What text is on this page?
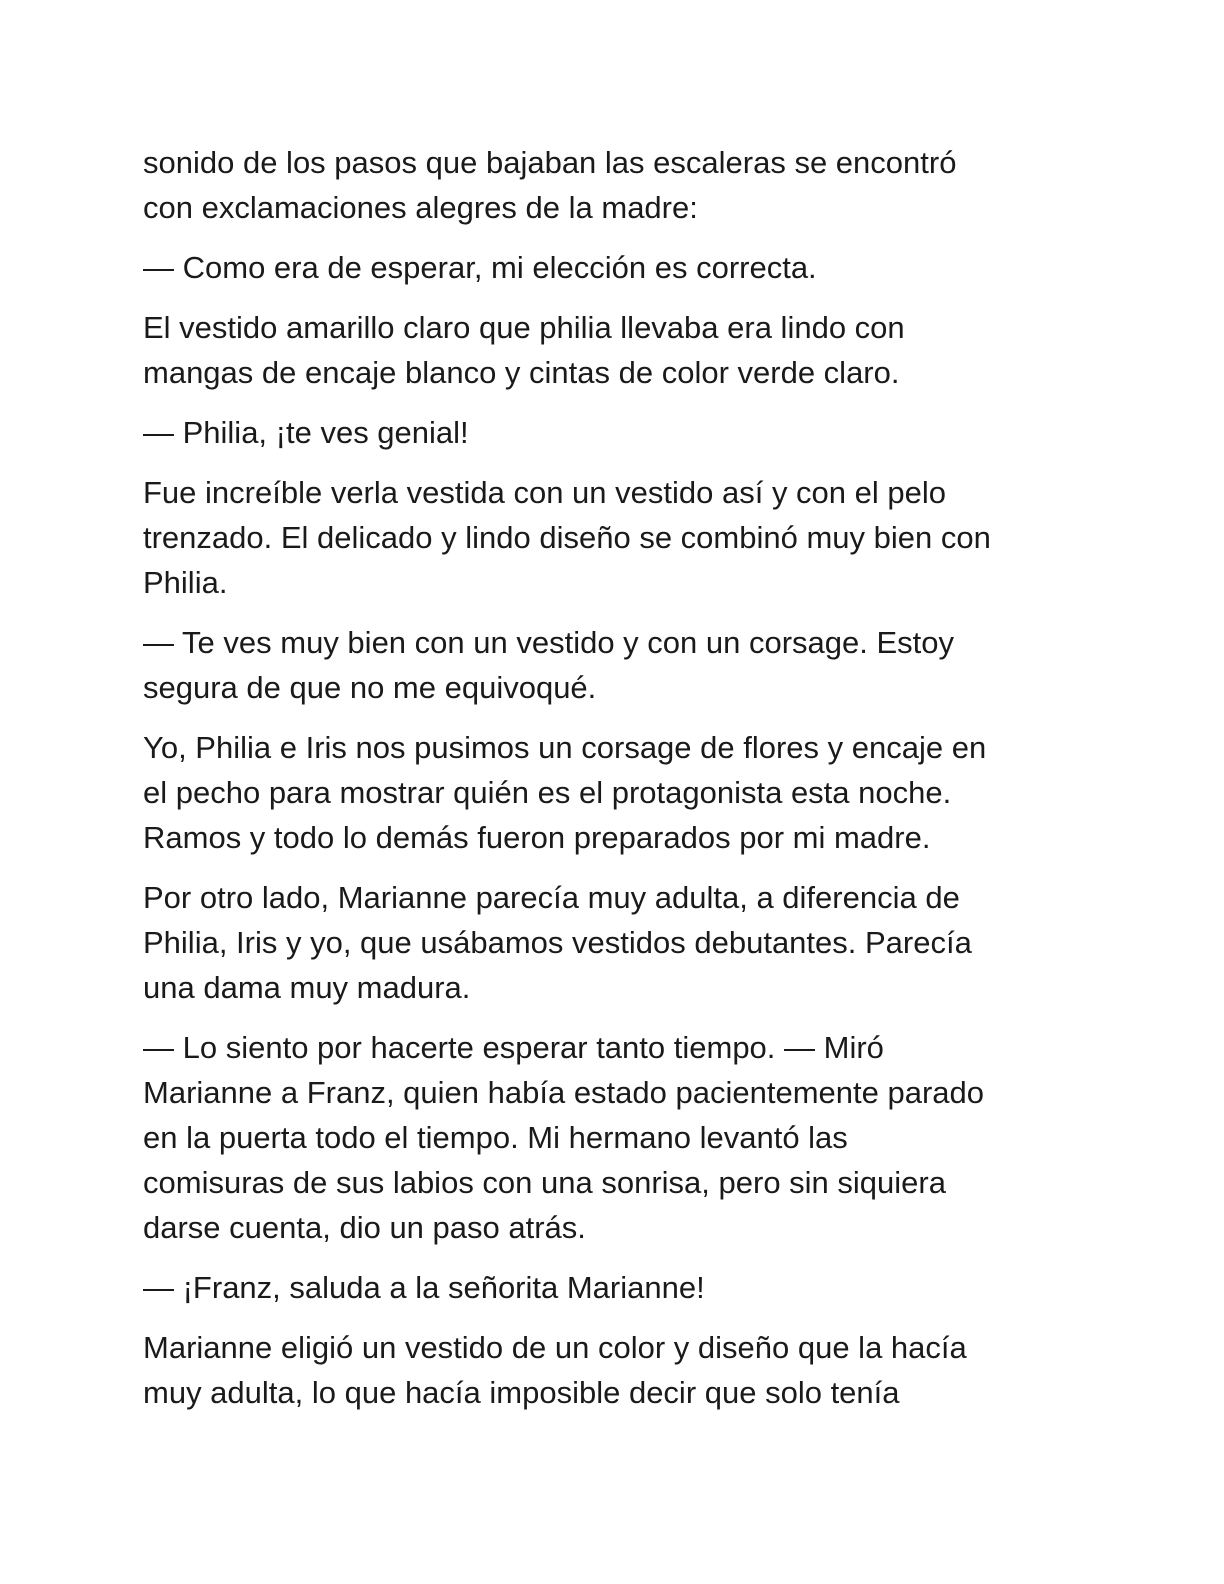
sonido de los pasos que bajaban las escaleras se encontró
con exclamaciones alegres de la madre:

— Como era de esperar, mi elección es correcta.

El vestido amarillo claro que philia llevaba era lindo con
mangas de encaje blanco y cintas de color verde claro.

— Philia, ¡te ves genial!

Fue increíble verla vestida con un vestido así y con el pelo
trenzado. El delicado y lindo diseño se combinó muy bien con
Philia.

— Te ves muy bien con un vestido y con un corsage. Estoy
segura de que no me equivoqué.

Yo, Philia e Iris nos pusimos un corsage de flores y encaje en
el pecho para mostrar quién es el protagonista esta noche.
Ramos y todo lo demás fueron preparados por mi madre.

Por otro lado, Marianne parecía muy adulta, a diferencia de
Philia, Iris y yo, que usábamos vestidos debutantes. Parecía
una dama muy madura.

— Lo siento por hacerte esperar tanto tiempo. — Miró
Marianne a Franz, quien había estado pacientemente parado
en la puerta todo el tiempo. Mi hermano levantó las
comisuras de sus labios con una sonrisa, pero sin siquiera
darse cuenta, dio un paso atrás.

— ¡Franz, saluda a la señorita Marianne!

Marianne eligió un vestido de un color y diseño que la hacía
muy adulta, lo que hacía imposible decir que solo tenía
